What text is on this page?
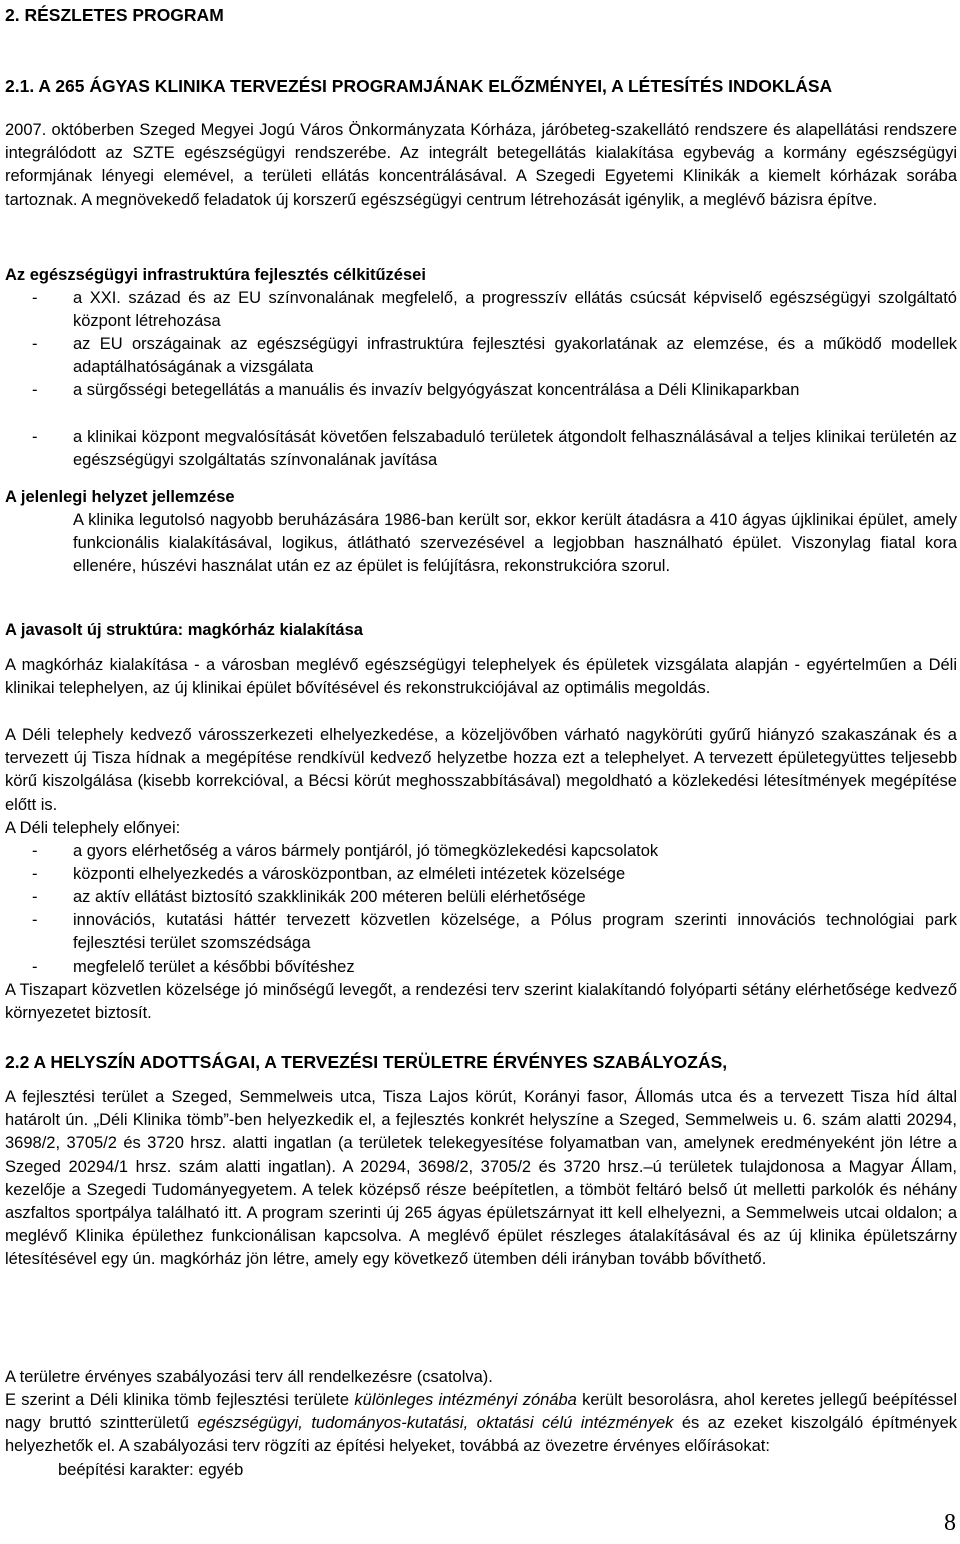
2. RÉSZLETES PROGRAM

2.1. A 265 ÁGYAS KLINIKA TERVEZÉSI PROGRAMJÁNAK ELŐZMÉNYEI, A LÉTESÍTÉS INDOKLÁSA

2007. októberben Szeged Megyei Jogú Város Önkormányzata Kórháza, járóbeteg-szakellátó rendszere és alapellátási rendszere integrálódott az SZTE egészségügyi rendszerébe. Az integrált betegellátás kialakítása egybevág a kormány egészségügyi reformjának lényegi elemével, a területi ellátás koncentrálásával. A Szegedi Egyetemi Klinikák a kiemelt kórházak sorába tartoznak. A megnövekedő feladatok új korszerű egészségügyi centrum létrehozását igénylik, a meglévő bázisra építve.

Az egészségügyi infrastruktúra fejlesztés célkitűzései

- a XXI. század és az EU színvonalának megfelelő, a progresszív ellátás csúcsát képviselő egészségügyi szolgáltató központ létrehozása
- az EU országainak az egészségügyi infrastruktúra fejlesztési gyakorlatának az elemzése, és a működő modellek adaptálhatóságának a vizsgálata
- a sürgősségi betegellátás a manuális és invazív belgyógyászat koncentrálása a Déli Klinikaparkban
- a klinikai központ megvalósítását követően felszabaduló területek átgondolt felhasználásával a teljes klinikai területén az egészségügyi szolgáltatás színvonalának javítása

A jelenlegi helyzet jellemzése

A klinika legutolsó nagyobb beruházására 1986-ban került sor, ekkor került átadásra a 410 ágyas újklinikai épület, amely funkcionális kialakításával, logikus, átlátható szervezésével a legjobban használható épület. Viszonylag fiatal kora ellenére, húszévi használat után ez az épület is felújításra, rekonstrukcióra szorul.

A javasolt új struktúra: magkórház kialakítása

A magkórház kialakítása - a városban meglévő egészségügyi telephelyek és épületek vizsgálata alapján - egyértelműen a Déli klinikai telephelyen, az új klinikai épület bővítésével és rekonstrukciójával az optimális megoldás.

A Déli telephely kedvező városszerkezeti elhelyezkedése, a közeljövőben várható nagykörúti gyűrű hiányzó szakaszának és a tervezett új Tisza hídnak a megépítése rendkívül kedvező helyzetbe hozza ezt a telephelyet. A tervezett épületegyüttes teljesebb körű kiszolgálása (kisebb korrekcióval, a Bécsi körút meghosszabbításával) megoldható a közlekedési létesítmények megépítése előtt is.

A Déli telephely előnyei:

- a gyors elérhetőség a város bármely pontjáról, jó tömegközlekedési kapcsolatok
- központi elhelyezkedés a városközpontban, az elméleti intézetek közelsége
- az aktív ellátást biztosító szakklinikák 200 méteren belüli elérhetősége
- innovációs, kutatási háttér tervezett közvetlen közelsége, a Pólus program szerinti innovációs technológiai park fejlesztési terület szomszédsága
- megfelelő terület a későbbi bővítéshez

A Tiszapart közvetlen közelsége jó minőségű levegőt, a rendezési terv szerint kialakítandó folyóparti sétány elérhetősége kedvező környezetet biztosít.

2.2 A HELYSZÍN ADOTTSÁGAI, A TERVEZÉSI TERÜLETRE ÉRVÉNYES SZABÁLYOZÁS,

A fejlesztési terület a Szeged, Semmelweis utca, Tisza Lajos körút, Korányi fasor, Állomás utca és a tervezett Tisza híd által határolt ún. „Déli Klinika tömb”-ben helyezkedik el, a fejlesztés konkrét helyszíne a Szeged, Semmelweis u. 6. szám alatti 20294, 3698/2, 3705/2 és 3720 hrsz. alatti ingatlan (a területek telekegyesítése folyamatban van, amelynek eredményeként jön létre a Szeged 20294/1 hrsz. szám alatti ingatlan). A 20294, 3698/2, 3705/2 és 3720 hrsz.–ú területek tulajdonosa a Magyar Állam, kezelője a Szegedi Tudományegyetem. A telek középső része beépítetlen, a tömböt feltáró belső út melletti parkolók és néhány aszfaltos sportpálya található itt. A program szerinti új 265 ágyas épületszárnyat itt kell elhelyezni, a Semmelweis utcai oldalon; a meglévő Klinika épülethez funkcionálisan kapcsolva. A meglévő épület részleges átalakításával és az új klinika épületszárny létesítésével egy ún. magkórház jön létre, amely egy következő ütemben déli irányban tovább bővíthető.

A területre érvényes szabályozási terv áll rendelkezésre (csatolva).

E szerint a Déli klinika tömb fejlesztési területe különleges intézményi zónába került besorolásra, ahol keretes jellegű beépítéssel nagy bruttó szintterületű egészségügyi, tudományos-kutatási, oktatási célú intézmények és az ezeket kiszolgáló építmények helyezhetők el. A szabályozási terv rögzíti az építési helyeket, továbbá az övezetre érvényes előírásokat:

beépítési karakter: egyéb

8
